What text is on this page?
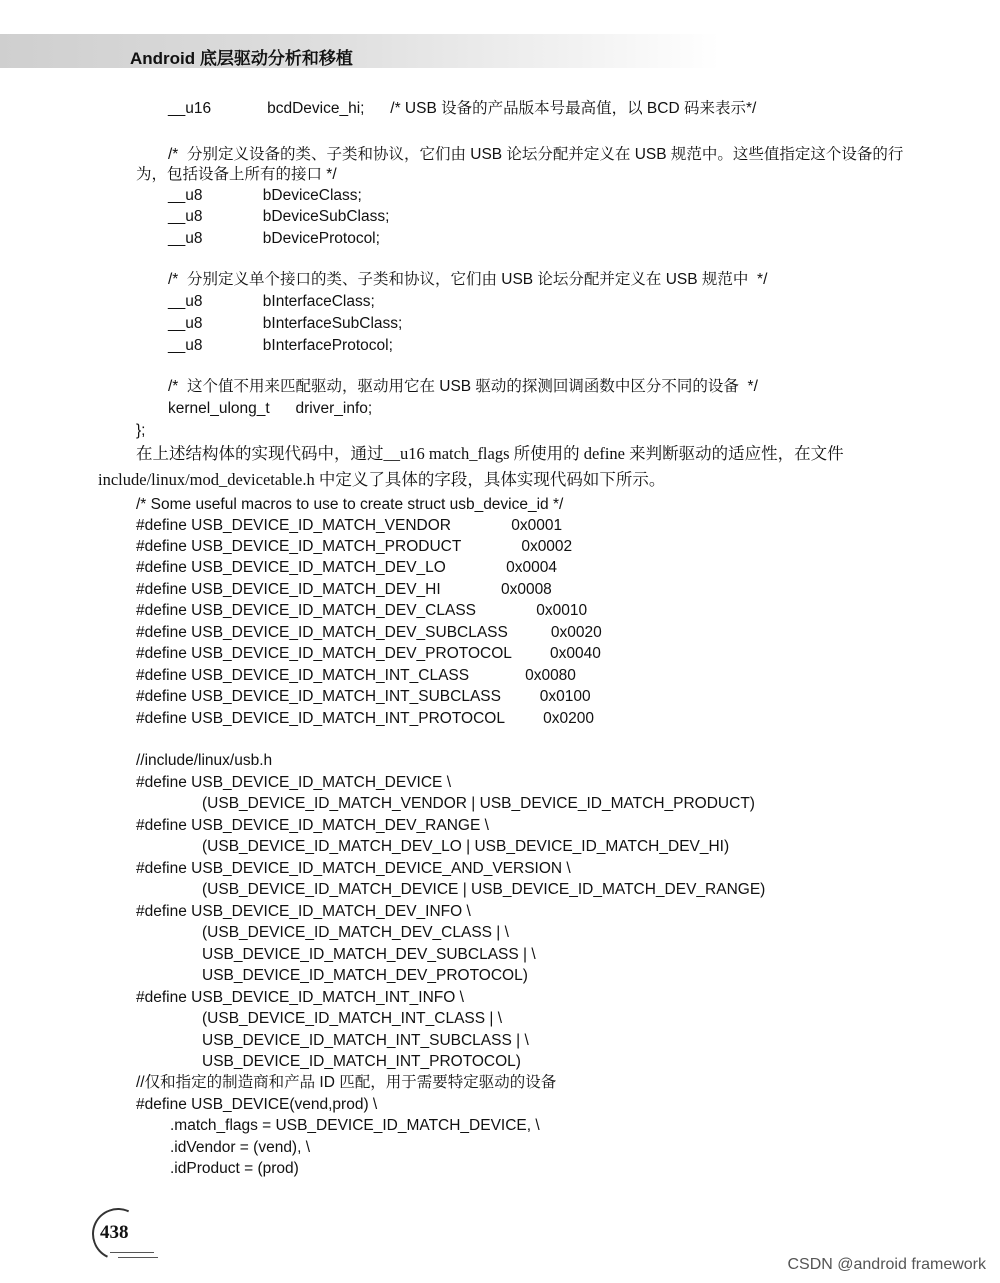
Android 底层驱动分析和移植
__u16             bcdDevice_hi;      /* USB 设备的产品版本号最高值，以 BCD 码来表示*/
/*  分别定义设备的类、子类和协议，它们由 USB 论坛分配并定义在 USB 规范中。这些值指定这个设备的行
为，包括设备上所有的接口 */
__u8              bDeviceClass;
__u8              bDeviceSubClass;
__u8              bDeviceProtocol;
/*  分别定义单个接口的类、子类和协议，它们由 USB 论坛分配并定义在 USB 规范中  */
__u8              bInterfaceClass;
__u8              bInterfaceSubClass;
__u8              bInterfaceProtocol;
/*  这个值不用来匹配驱动，驱动用它在 USB 驱动的探测回调函数中区分不同的设备  */
kernel_ulong_t      driver_info;
};
/* Some useful macros to use to create struct usb_device_id */
#define USB_DEVICE_ID_MATCH_VENDOR              0x0001
#define USB_DEVICE_ID_MATCH_PRODUCT              0x0002
#define USB_DEVICE_ID_MATCH_DEV_LO              0x0004
#define USB_DEVICE_ID_MATCH_DEV_HI              0x0008
#define USB_DEVICE_ID_MATCH_DEV_CLASS              0x0010
#define USB_DEVICE_ID_MATCH_DEV_SUBCLASS          0x0020
#define USB_DEVICE_ID_MATCH_DEV_PROTOCOL         0x0040
#define USB_DEVICE_ID_MATCH_INT_CLASS             0x0080
#define USB_DEVICE_ID_MATCH_INT_SUBCLASS         0x0100
#define USB_DEVICE_ID_MATCH_INT_PROTOCOL         0x0200
//include/linux/usb.h
#define USB_DEVICE_ID_MATCH_DEVICE \
(USB_DEVICE_ID_MATCH_VENDOR | USB_DEVICE_ID_MATCH_PRODUCT)
#define USB_DEVICE_ID_MATCH_DEV_RANGE \
(USB_DEVICE_ID_MATCH_DEV_LO | USB_DEVICE_ID_MATCH_DEV_HI)
#define USB_DEVICE_ID_MATCH_DEVICE_AND_VERSION \
(USB_DEVICE_ID_MATCH_DEVICE | USB_DEVICE_ID_MATCH_DEV_RANGE)
#define USB_DEVICE_ID_MATCH_DEV_INFO \
(USB_DEVICE_ID_MATCH_DEV_CLASS | \
USB_DEVICE_ID_MATCH_DEV_SUBCLASS | \
USB_DEVICE_ID_MATCH_DEV_PROTOCOL)
#define USB_DEVICE_ID_MATCH_INT_INFO \
(USB_DEVICE_ID_MATCH_INT_CLASS | \
USB_DEVICE_ID_MATCH_INT_SUBCLASS | \
USB_DEVICE_ID_MATCH_INT_PROTOCOL)
//仅和指定的制造商和产品 ID 匹配，用于需要特定驱动的设备
#define USB_DEVICE(vend,prod) \
.match_flags = USB_DEVICE_ID_MATCH_DEVICE, \
.idVendor = (vend), \
.idProduct = (prod)
在上述结构体的实现代码中，通过__u16 match_flags 所使用的 define 来判断驱动的适应性，在文件
include/linux/mod_devicetable.h 中定义了具体的字段，具体实现代码如下所示。
438
CSDN @android framework
